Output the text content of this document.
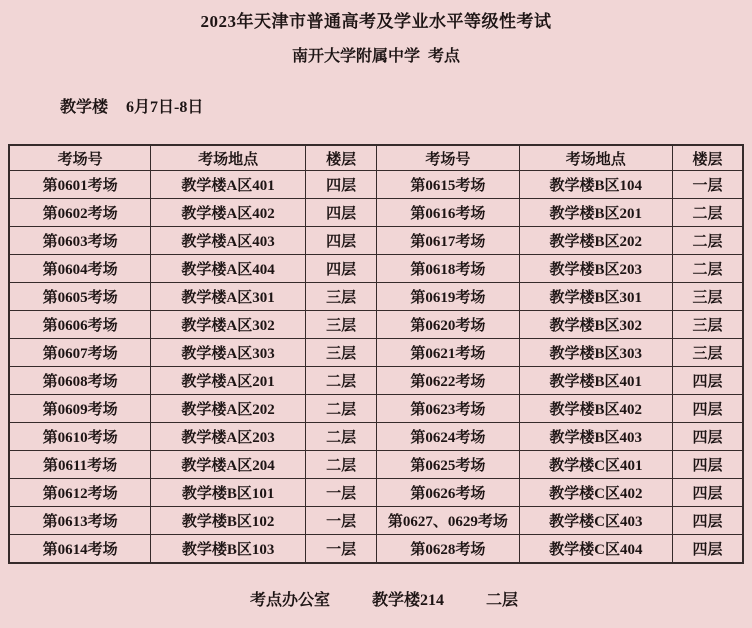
2023年天津市普通高考及学业水平等级性考试
南开大学附属中学  考点

教学楼 6月7日-8日

考场号	考场地点	楼层	考场号	考场地点	楼层
第0601考场	教学楼A区401	四层	第0615考场	教学楼B区104	一层
第0602考场	教学楼A区402	四层	第0616考场	教学楼B区201	二层
第0603考场	教学楼A区403	四层	第0617考场	教学楼B区202	二层
第0604考场	教学楼A区404	四层	第0618考场	教学楼B区203	二层
第0605考场	教学楼A区301	三层	第0619考场	教学楼B区301	三层
第0606考场	教学楼A区302	三层	第0620考场	教学楼B区302	三层
第0607考场	教学楼A区303	三层	第0621考场	教学楼B区303	三层
第0608考场	教学楼A区201	二层	第0622考场	教学楼B区401	四层
第0609考场	教学楼A区202	二层	第0623考场	教学楼B区402	四层
第0610考场	教学楼A区203	二层	第0624考场	教学楼B区403	四层
第0611考场	教学楼A区204	二层	第0625考场	教学楼C区401	四层
第0612考场	教学楼B区101	一层	第0626考场	教学楼C区402	四层
第0613考场	教学楼B区102	一层	第0627、0629考场	教学楼C区403	四层
第0614考场	教学楼B区103	一层	第0628考场	教学楼C区404	四层

考点办公室	教学楼214	二层
